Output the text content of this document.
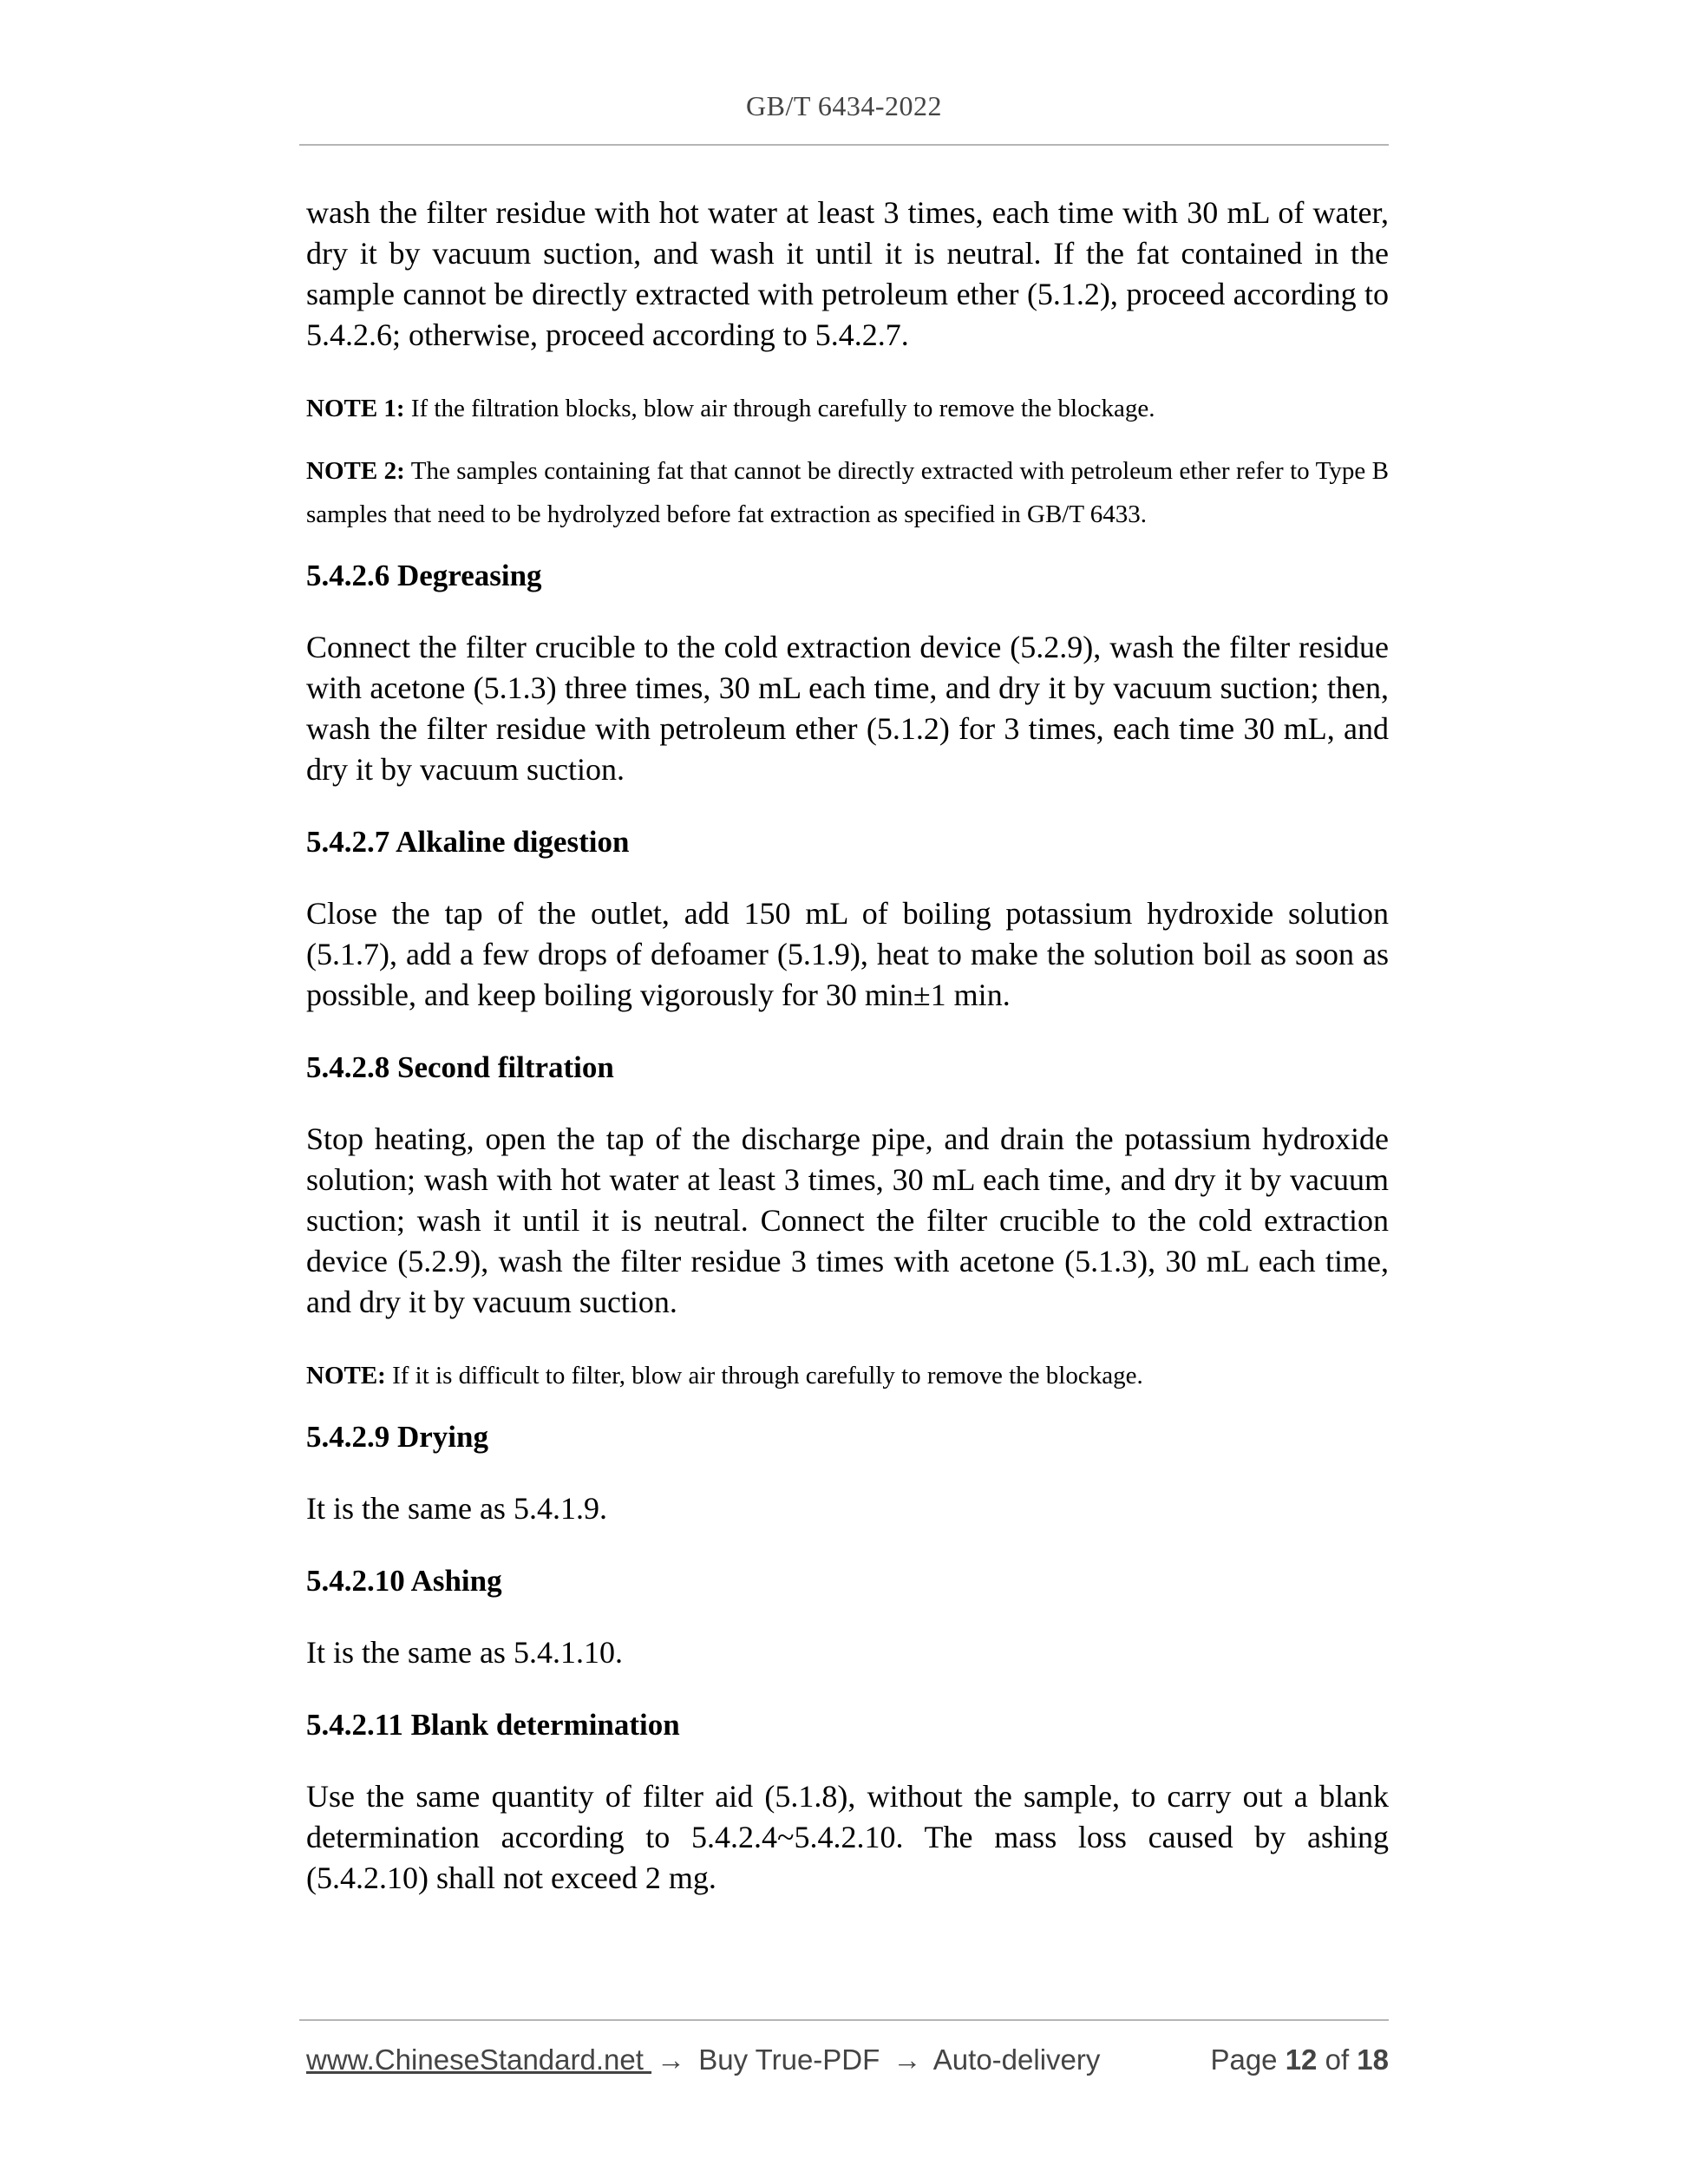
GB/T 6434-2022

wash the filter residue with hot water at least 3 times, each time with 30 mL of water, dry it by vacuum suction, and wash it until it is neutral. If the fat contained in the sample cannot be directly extracted with petroleum ether (5.1.2), proceed according to 5.4.2.6; otherwise, proceed according to 5.4.2.7.

NOTE 1: If the filtration blocks, blow air through carefully to remove the blockage.

NOTE 2: The samples containing fat that cannot be directly extracted with petroleum ether refer to Type B samples that need to be hydrolyzed before fat extraction as specified in GB/T 6433.

5.4.2.6 Degreasing

Connect the filter crucible to the cold extraction device (5.2.9), wash the filter residue with acetone (5.1.3) three times, 30 mL each time, and dry it by vacuum suction; then, wash the filter residue with petroleum ether (5.1.2) for 3 times, each time 30 mL, and dry it by vacuum suction.

5.4.2.7 Alkaline digestion

Close the tap of the outlet, add 150 mL of boiling potassium hydroxide solution (5.1.7), add a few drops of defoamer (5.1.9), heat to make the solution boil as soon as possible, and keep boiling vigorously for 30 min±1 min.

5.4.2.8 Second filtration

Stop heating, open the tap of the discharge pipe, and drain the potassium hydroxide solution; wash with hot water at least 3 times, 30 mL each time, and dry it by vacuum suction; wash it until it is neutral. Connect the filter crucible to the cold extraction device (5.2.9), wash the filter residue 3 times with acetone (5.1.3), 30 mL each time, and dry it by vacuum suction.

NOTE: If it is difficult to filter, blow air through carefully to remove the blockage.

5.4.2.9 Drying

It is the same as 5.4.1.9.

5.4.2.10 Ashing

It is the same as 5.4.1.10.

5.4.2.11 Blank determination

Use the same quantity of filter aid (5.1.8), without the sample, to carry out a blank determination according to 5.4.2.4~5.4.2.10. The mass loss caused by ashing (5.4.2.10) shall not exceed 2 mg.

www.ChineseStandard.net → Buy True-PDF → Auto-delivery	Page 12 of 18
